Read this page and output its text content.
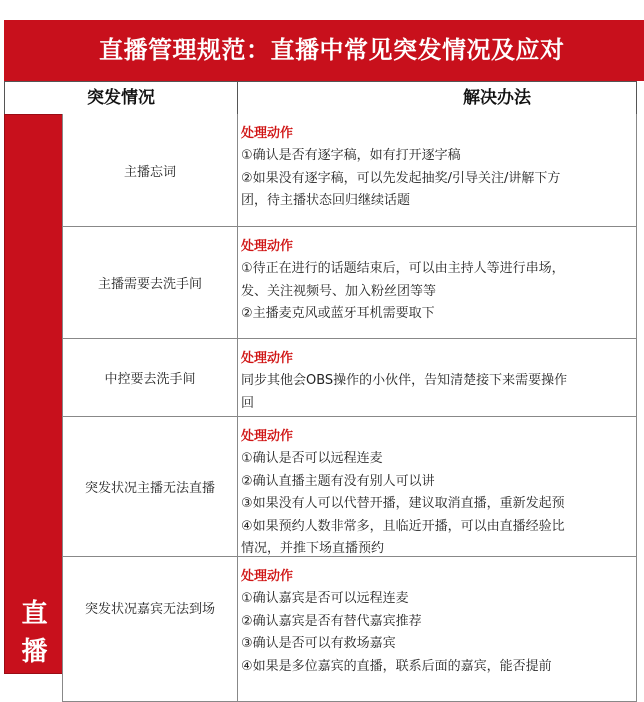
直播管理规范：直播中常见突发情况及应对
突发情况	解决办法
直
播
主播忘词
处理动作
①确认是否有逐字稿，如有打开逐字稿
②如果没有逐字稿，可以先发起抽奖/引导关注/讲解下方
团，待主播状态回归继续话题
主播需要去洗手间
处理动作
①待正在进行的话题结束后，可以由主持人等进行串场，
发、关注视频号、加入粉丝团等等
②主播麦克风或蓝牙耳机需要取下
中控要去洗手间
处理动作
同步其他会OBS操作的小伙伴，告知清楚接下来需要操作
回
突发状况主播无法直播
处理动作
①确认是否可以远程连麦
②确认直播主题有没有别人可以讲
③如果没有人可以代替开播，建议取消直播，重新发起预
④如果预约人数非常多，且临近开播，可以由直播经验比
情况，并推下场直播预约
突发状况嘉宾无法到场
处理动作
①确认嘉宾是否可以远程连麦
②确认嘉宾是否有替代嘉宾推荐
③确认是否可以有救场嘉宾
④如果是多位嘉宾的直播，联系后面的嘉宾，能否提前
